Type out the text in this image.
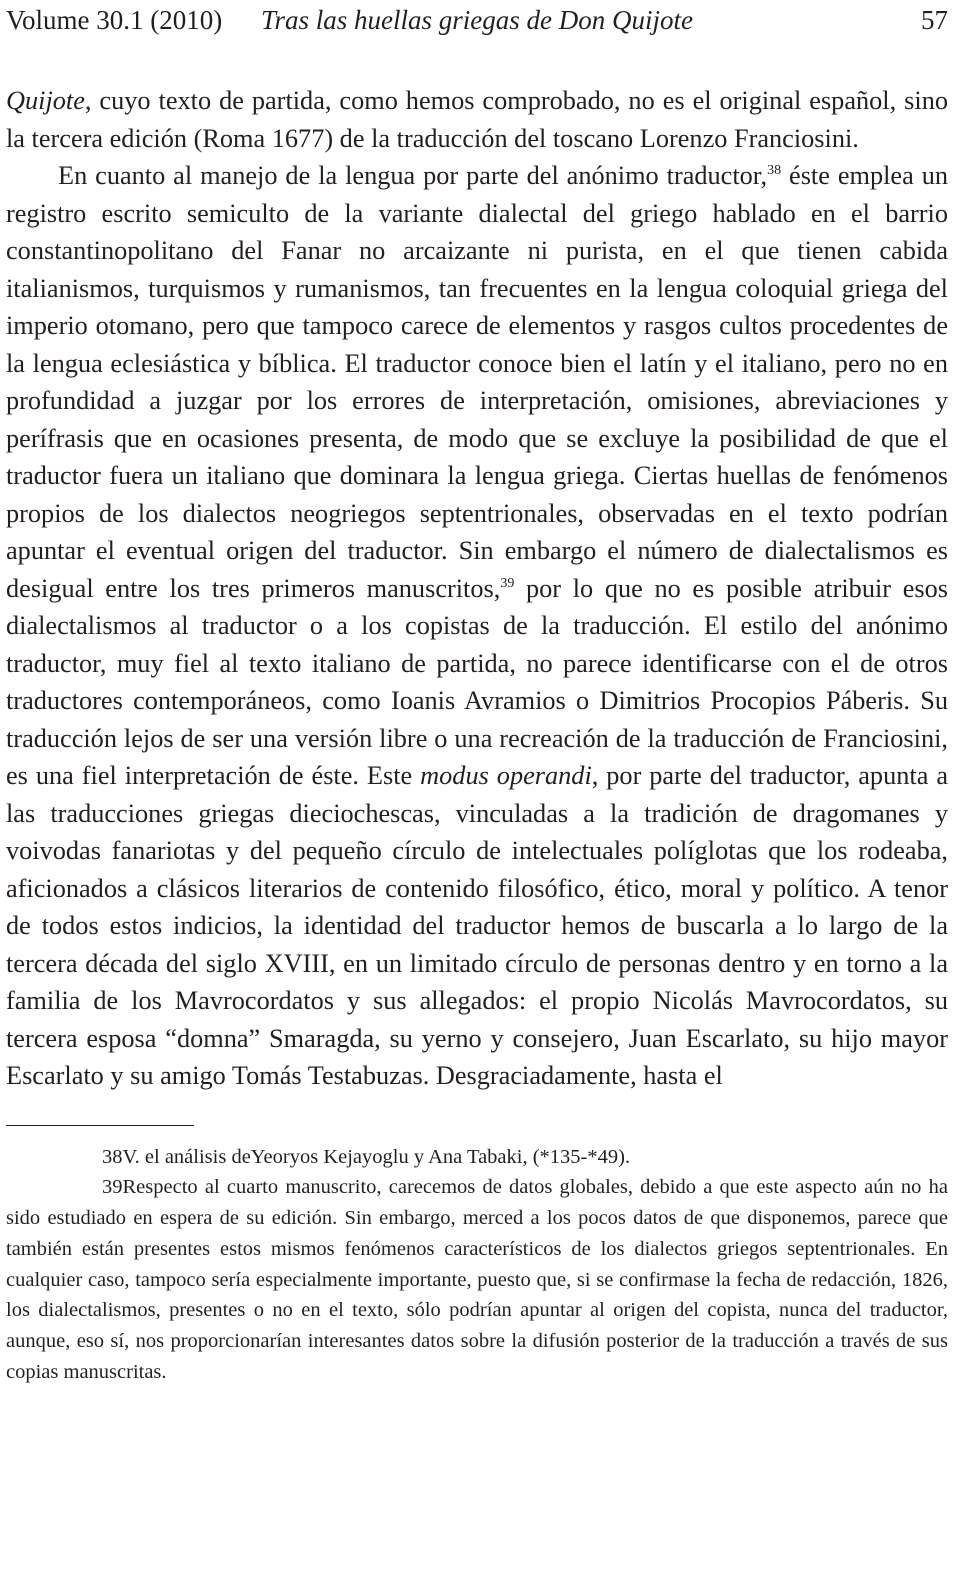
Volume 30.1 (2010)	Tras las huellas griegas de Don Quijote	57

Quijote, cuyo texto de partida, como hemos comprobado, no es el original español, sino la tercera edición (Roma 1677) de la traducción del toscano Lorenzo Franciosini.

En cuanto al manejo de la lengua por parte del anónimo traductor,$^{38}$ éste emplea un registro escrito semiculto de la variante dialectal del griego hablado en el barrio constantinopolitano del Fanar no arcaizante ni purista, en el que tienen cabida italianismos, turquismos y rumanismos, tan frecuentes en la lengua coloquial griega del imperio otomano, pero que tampoco carece de elementos y rasgos cultos procedentes de la lengua eclesiástica y bíblica. El traductor conoce bien el latín y el italiano, pero no en profundidad a juzgar por los errores de interpretación, omisiones, abreviaciones y perífrasis que en ocasiones presenta, de modo que se excluye la posibilidad de que el traductor fuera un italiano que dominara la lengua griega. Ciertas huellas de fenómenos propios de los dialectos neogriegos septentrionales, observadas en el texto podrían apuntar el eventual origen del traductor. Sin embargo el número de dialectalismos es desigual entre los tres primeros manuscritos,$^{39}$ por lo que no es posible atribuir esos dialectalismos al traductor o a los copistas de la traducción. El estilo del anónimo traductor, muy fiel al texto italiano de partida, no parece identificarse con el de otros traductores contemporáneos, como Ioanis Avramios o Dimitrios Procopios Páberis. Su traducción lejos de ser una versión libre o una recreación de la traducción de Franciosini, es una fiel interpretación de éste. Este modus operandi, por parte del traductor, apunta a las traducciones griegas dieciochescas, vinculadas a la tradición de dragomanes y voivodas fanariotas y del pequeño círculo de intelectuales políglotas que los rodeaba, aficionados a clásicos literarios de contenido filosófico, ético, moral y político. A tenor de todos estos indicios, la identidad del traductor hemos de buscarla a lo largo de la tercera década del siglo XVIII, en un limitado círculo de personas dentro y en torno a la familia de los Mavrocordatos y sus allegados: el propio Nicolás Mavrocordatos, su tercera esposa “domna” Smaragda, su yerno y consejero, Juan Escarlato, su hijo mayor Escarlato y su amigo Tomás Testabuzas. Desgraciadamente, hasta el

38V. el análisis deYeoryos Kejayoglu y Ana Tabaki, (*135-*49).

39Respecto al cuarto manuscrito, carecemos de datos globales, debido a que este aspecto aún no ha sido estudiado en espera de su edición. Sin embargo, merced a los pocos datos de que disponemos, parece que también están presentes estos mismos fenómenos característicos de los dialectos griegos septentrionales. En cualquier caso, tampoco sería especialmente importante, puesto que, si se confirmase la fecha de redacción, 1826, los dialectalismos, presentes o no en el texto, sólo podrían apuntar al origen del copista, nunca del traductor, aunque, eso sí, nos proporcionarían interesantes datos sobre la difusión posterior de la traducción a través de sus copias manuscritas.
